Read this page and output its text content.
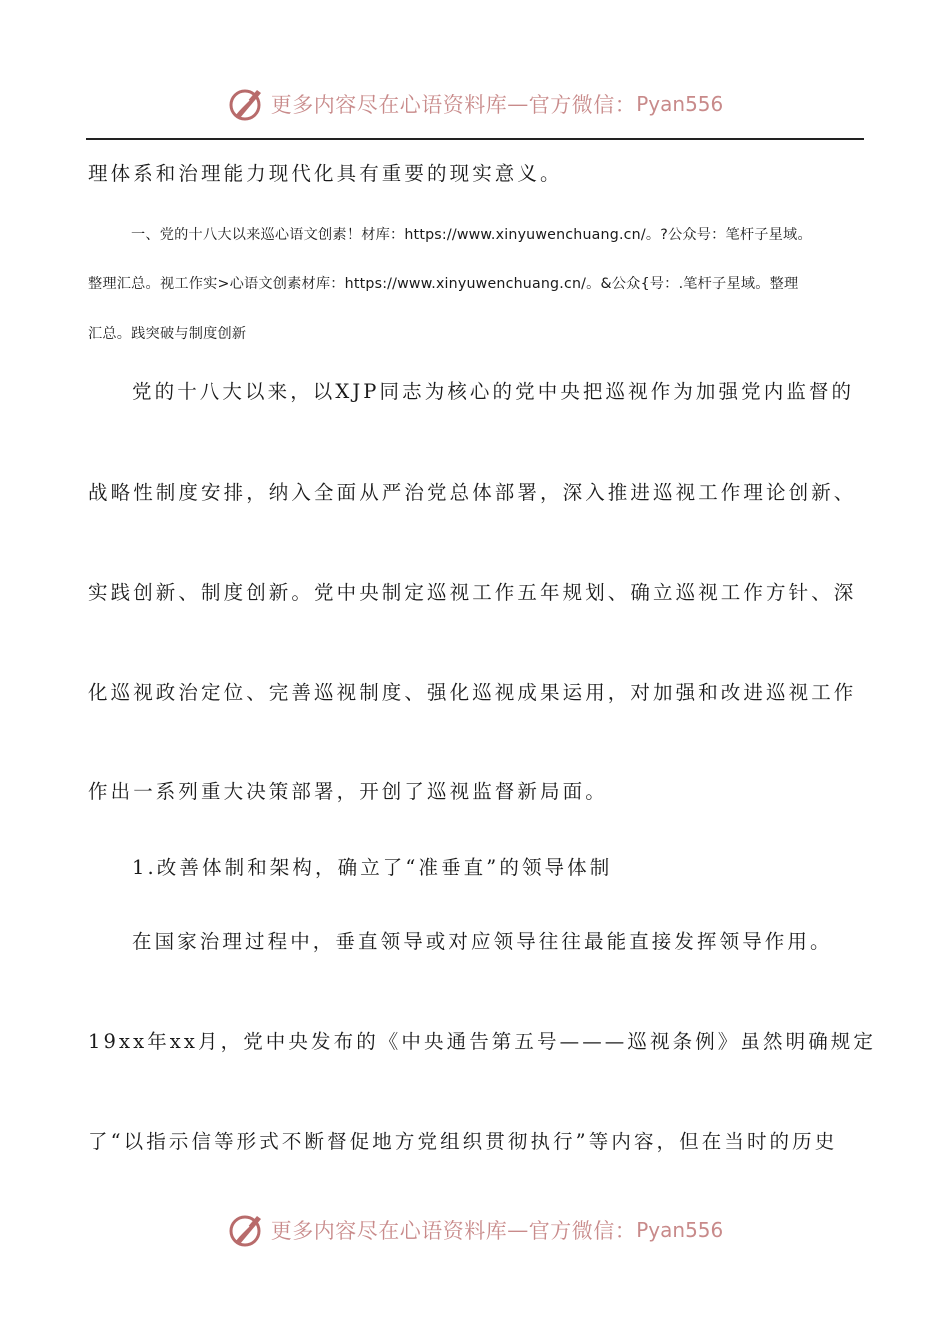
更多内容尽在心语资料库 — 官方微信： Pyan556
理体系和治理能力现代化具有重要的现实意义。
一、党的十八大以来巡心语文创素！材库：https://www.xinyuwenchuang.cn/。?公众号：笔杆子星域。
整理汇总。视工作实>心语文创素材库：https://www.xinyuwenchuang.cn/。&公众{号：.笔杆子星域。整理
汇总。践突破与制度创新
党的十八大以来，以XJP同志为核心的党中央把巡视作为加强党内监督的
战略性制度安排，纳入全面从严治党总体部署，深入推进巡视工作理论创新、
实践创新、制度创新。党中央制定巡视工作五年规划、确立巡视工作方针、深
化巡视政治定位、完善巡视制度、强化巡视成果运用，对加强和改进巡视工作
作出一系列重大决策部署，开创了巡视监督新局面。
1.改善体制和架构，确立了“准垂直”的领导体制
在国家治理过程中，垂直领导或对应领导往往最能直接发挥领导作用。
19xx年xx月，党中央发布的《中央通告第五号———巡视条例》虽然明确规定
了“以指示信等形式不断督促地方党组织贯彻执行”等内容，但在当时的历史
更多内容尽在心语资料库 — 官方微信： Pyan556
